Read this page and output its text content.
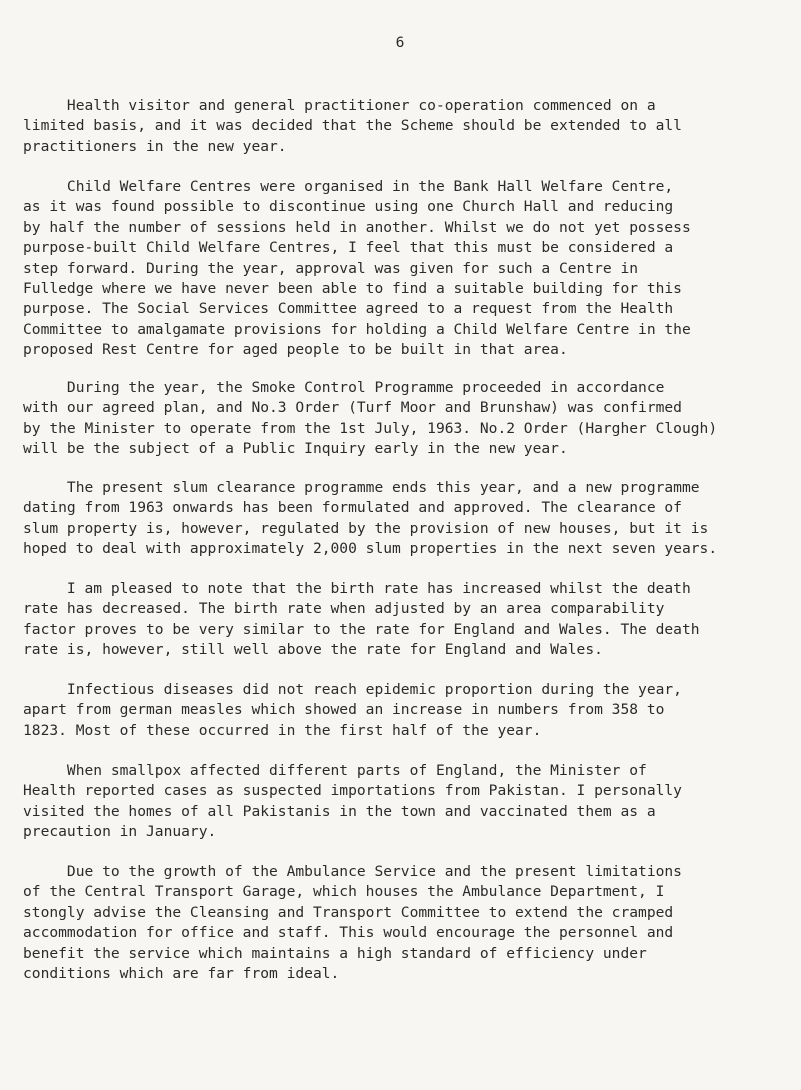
6

Health visitor and general practitioner co-operation commenced on a
limited basis, and it was decided that the Scheme should be extended to all
practitioners in the new year.

Child Welfare Centres were organised in the Bank Hall Welfare Centre,
as it was found possible to discontinue using one Church Hall and reducing
by half the number of sessions held in another. Whilst we do not yet possess
purpose-built Child Welfare Centres, I feel that this must be considered a
step forward. During the year, approval was given for such a Centre in
Fulledge where we have never been able to find a suitable building for this
purpose. The Social Services Committee agreed to a request from the Health
Committee to amalgamate provisions for holding a Child Welfare Centre in the
proposed Rest Centre for aged people to be built in that area.

During the year, the Smoke Control Programme proceeded in accordance
with our agreed plan, and No.3 Order (Turf Moor and Brunshaw) was confirmed
by the Minister to operate from the 1st July, 1963. No.2 Order (Hargher Clough)
will be the subject of a Public Inquiry early in the new year.

The present slum clearance programme ends this year, and a new programme
dating from 1963 onwards has been formulated and approved. The clearance of
slum property is, however, regulated by the provision of new houses, but it is
hoped to deal with approximately 2,000 slum properties in the next seven years.

I am pleased to note that the birth rate has increased whilst the death
rate has decreased. The birth rate when adjusted by an area comparability
factor proves to be very similar to the rate for England and Wales. The death
rate is, however, still well above the rate for England and Wales.

Infectious diseases did not reach epidemic proportion during the year,
apart from german measles which showed an increase in numbers from 358 to
1823. Most of these occurred in the first half of the year.

When smallpox affected different parts of England, the Minister of
Health reported cases as suspected importations from Pakistan. I personally
visited the homes of all Pakistanis in the town and vaccinated them as a
precaution in January.

Due to the growth of the Ambulance Service and the present limitations
of the Central Transport Garage, which houses the Ambulance Department, I
stongly advise the Cleansing and Transport Committee to extend the cramped
accommodation for office and staff. This would encourage the personnel and
benefit the service which maintains a high standard of efficiency under
conditions which are far from ideal.
